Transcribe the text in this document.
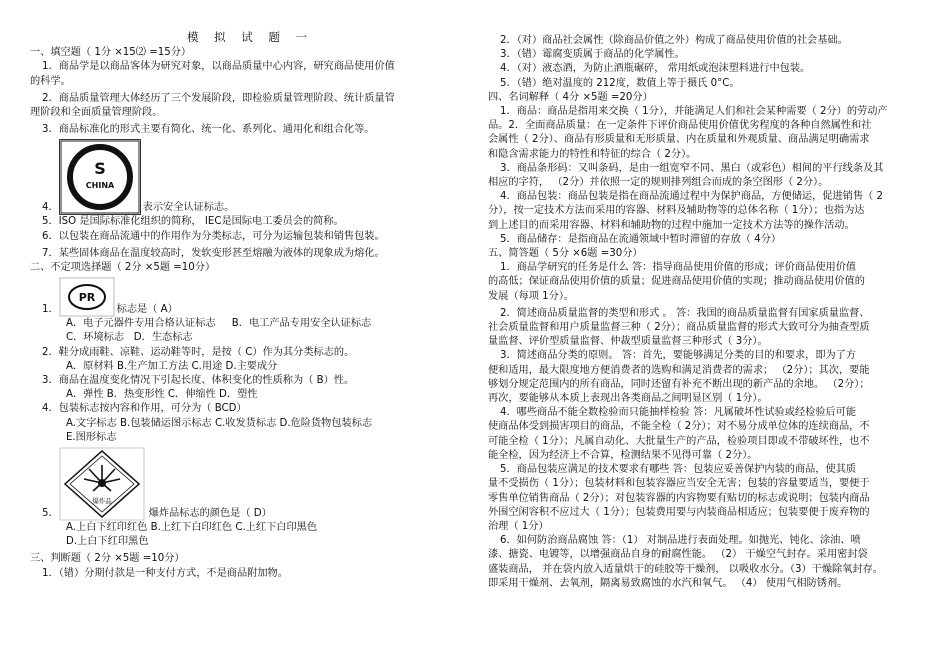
模 拟 试 题 一

一、填空题（ 1分 ×15⑵ =15分）

1．商品学是以商品客体为研究对象，以商品质量中心内容，研究商品使用价值

的科学。

2．商品质量管理大体经历了三个发展阶段，即检验质量管理阶段、统计质量管

理阶段和全面质量管理阶段。

3．商品标准化的形式主要有简化、统一化、系列化、通用化和组合化等。

4．
S
CHINA
表示安全认证标志。

5．ISO 是国际标准化组织的简称， IEC是国际电工委员会的简称。

6．以包装在商品流通中的作用作为分类标志，可分为运输包装和销售包装。

7．某些固体商品在温度较高时，发软变形甚至熔融为液体的现象成为熔化。

二、不定项选择题（ 2分 ×5题 =10分）

1．
PR
标志是（ A）

A．电子元器件专用合格认证标志 B．电工产品专用安全认证标志

C．环境标志 D．生态标志

2．鞋分成雨鞋、凉鞋、运动鞋等时，是按（ C）作为其分类标志的。

A．原材料 B.生产加工方法 C.用途 D.主要成分

3．商品在温度变化情况下引起长度、体积变化的性质称为（ B）性。

A．弹性 B．热变形性 C．伸缩性 D．塑性

4．包装标志按内容和作用，可分为（ BCD）

A.文字标志 B.包装储运图示标志 C.收发货标志 D.危险货物包装标志

E.图形标志

5．
爆炸品
爆炸品标志的颜色是（ D）

A.上白下红印红色 B.上红下白印红色 C.上红下白印黑色

D.上白下红印黑色

三、判断题（ 2分 ×5题 =10分）

1．（错）分期付款是一种支付方式，不是商品附加物。

2．（对）商品社会属性（除商品价值之外）构成了商品使用价值的社会基础。

3．（错）霉腐变质属于商品的化学属性。

4．（对）液态酒，为防止酒瓶碾碎， 常用纸或泡沫塑料进行中包装。

5．（错）绝对温度的 212度，数值上等于摄氏 0°C。

四、名词解释（ 4分 ×5题 =20分）

1．商品：商品是指用来交换（ 1分），并能满足人们和社会某种需要（ 2分）的劳动产

品。2．全面商品质量：在一定条件下评价商品使用价值优劣程度的各种自然属性和社

会属性（ 2分）、商品有形质量和无形质量、内在质量和外观质量、商品满足明确需求

和隐含需求能力的特性和特征的综合（ 2分）。

3．商品条形码：又叫条码，是由一组宽窄不同、黑白（或彩色）相间的平行线条及其

相应的字符， （2分）并依照一定的规则排列组合而成的条空图形（ 2分）。

4．商品包装：商品包装是指在商品流通过程中为保护商品，方便储运，促进销售（ 2

分），按一定技术方法而采用的容器、材料及辅助物等的总体名称（ 1分）；也指为达

到上述目的而采用容器、材料和辅助物的过程中施加一定技术方法等的操作活动。

5．商品储存：是指商品在流通领域中暂时滞留的存放（ 4分）

五、简答题（ 5分 ×6题 =30分）

1．商品学研究的任务是什么 答：指导商品使用价值的形成；评价商品使用价值

的高低；保证商品使用价值的质量；促进商品使用价值的实现；推动商品使用价值的

发展（每项 1分）。

2．简述商品质量监督的类型和形式 。 答：我国的商品质量监督有国家质量监督、

社会质量监督和用户质量监督三种（ 2分）；商品质量监督的形式大致可分为抽查型质

量监督、评价型质量监督、仲裁型质量监督三种形式（ 3分）。

3．简述商品分类的原则。 答：首先，要能够满足分类的目的和要求，即为了方

便和适用，最大限度地方便消费者的选购和满足消费者的需求； （2分）；其次，要能

够划分规定范围内的所有商品，同时还留有补充不断出现的新产品的余地。 （2分）；

再次，要能够从本质上表现出各类商品之间明显区别（ 1分）。

4．哪些商品不能全数检验而只能抽样检验 答：凡属破坏性试验或经检验后可能

使商品体受到损害项目的商品，不能全检（ 2分）；对不易分成单位体的连续商品，不

可能全检（ 1分）；凡属自动化、大批量生产的产品，检验项目即或不带破坏性，也不

能全检，因为经济上不合算，检测结果不见得可靠（ 2分）。

5．商品包装应满足的技术要求有哪些 答：包装应妥善保护内装的商品，使其质

量不受损伤（ 1分）；包装材料和包装容器应当安全无害；包装的容量要适当，要便于

零售单位销售商品（ 2分）；对包装容器的内容物要有贴切的标志或说明；包装内商品

外围空闲容积不应过大（ 1分）；包装费用要与内装商品相适应；包装要便于废弃物的

治理（ 1分）

6．如何防治商品腐蚀 答：（1） 对制品进行表面处理。如抛光、钝化、涂油、喷

漆、搪瓷、电镀等，以增强商品自身的耐腐性能。 （2） 干燥空气封存。采用密封袋

盛装商品， 并在袋内放入适量烘干的硅胶等干燥剂， 以吸收水分。（3）干燥除氧封存。

即采用干燥剂、去氧剂，隔离易致腐蚀的水汽和氧气。 （4） 使用气相防锈剂。
